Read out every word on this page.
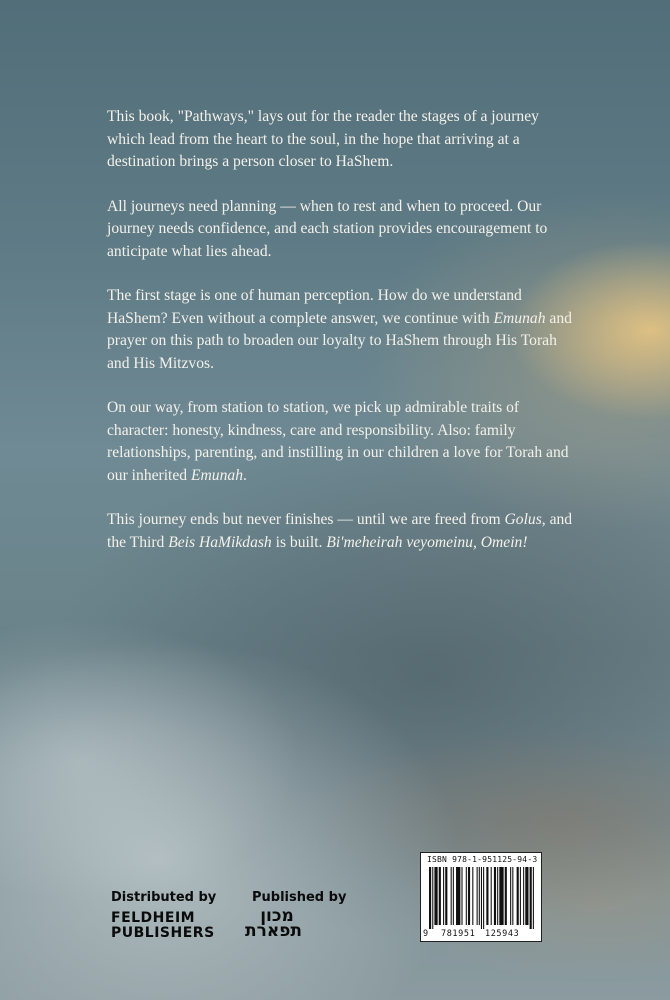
This book, "Pathways," lays out for the reader the stages of a journey which lead from the heart to the soul, in the hope that arriving at a destination brings a person closer to HaShem.

All journeys need planning — when to rest and when to proceed. Our journey needs confidence, and each station provides encouragement to anticipate what lies ahead.

The first stage is one of human perception. How do we understand HaShem? Even without a complete answer, we continue with Emunah and prayer on this path to broaden our loyalty to HaShem through His Torah and His Mitzvos.

On our way, from station to station, we pick up admirable traits of character: honesty, kindness, care and responsibility. Also: family relationships, parenting, and instilling in our children a love for Torah and our inherited Emunah.

This journey ends but never finishes — until we are freed from Golus, and the Third Beis HaMikdash is built. Bi'meheirah veyomeinu, Omein!

Distributed by
FELDHEIM
PUBLISHERS
Published by
מכון
תפארת
ISBN 978-1-951125-94-3
9 781951 125943
